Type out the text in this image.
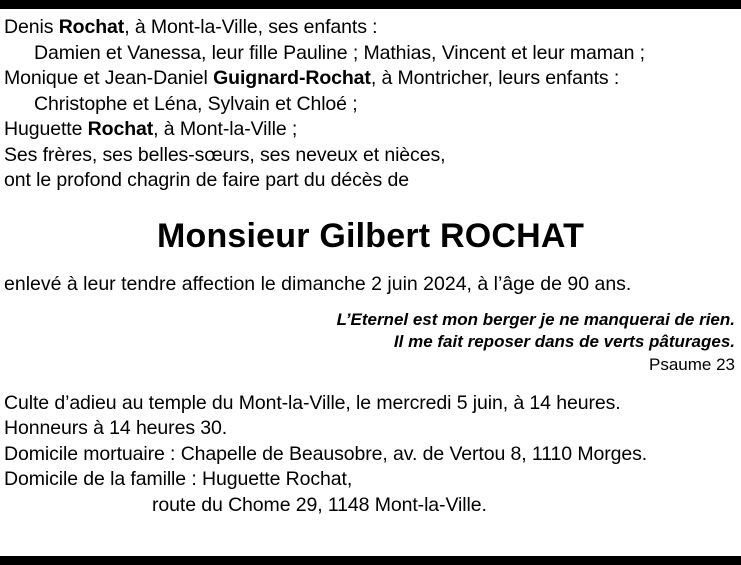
Denis Rochat, à Mont-la-Ville, ses enfants :
Damien et Vanessa, leur fille Pauline ; Mathias, Vincent et leur maman ;
Monique et Jean-Daniel Guignard-Rochat, à Montricher, leurs enfants :
Christophe et Léna, Sylvain et Chloé ;
Huguette Rochat, à Mont-la-Ville ;
Ses frères, ses belles-sœurs, ses neveux et nièces,
ont le profond chagrin de faire part du décès de
Monsieur Gilbert ROCHAT
enlevé à leur tendre affection le dimanche 2 juin 2024, à l’âge de 90 ans.
L’Eternel est mon berger je ne manquerai de rien.
Il me fait reposer dans de verts pâturages.
Psaume 23
Culte d’adieu au temple du Mont-la-Ville, le mercredi 5 juin, à 14 heures.
Honneurs à 14 heures 30.
Domicile mortuaire : Chapelle de Beausobre, av. de Vertou 8, 1110 Morges.
Domicile de la famille : Huguette Rochat,
route du Chome 29, 1148 Mont-la-Ville.
